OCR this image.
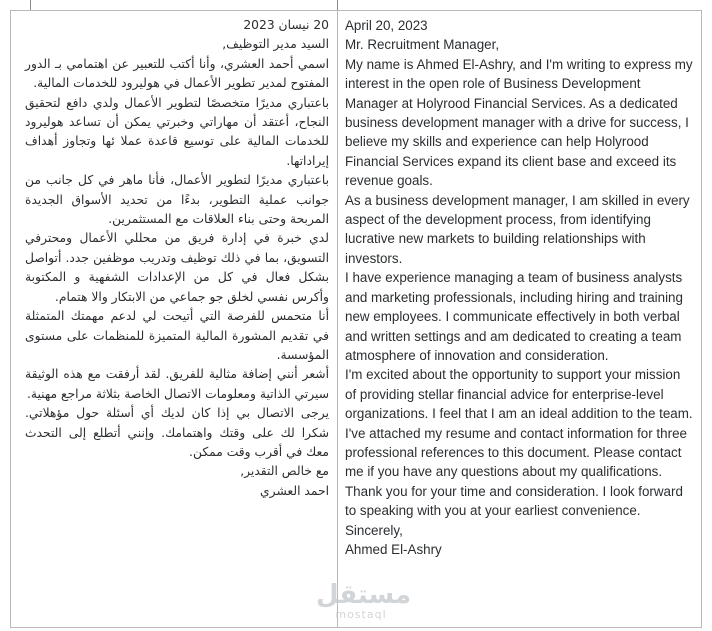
20 نيسان 2023

السيد مدير التوظيف,

اسمي أحمد العشري، وأنا أكتب للتعبير عن اهتمامي بـ الدور المفتوح لمدير تطوير الأعمال في هوليرود للخدمات المالية.

باعتباري مديرًا متخصصًا لتطوير الأعمال ولدي دافع لتحقيق النجاح، أعتقد أن مهاراتي وخبرتي يمكن أن تساعد هوليرود للخدمات المالية على توسيع قاعدة عملا ئها وتجاوز أهداف إيراداتها.

باعتباري مديرًا لتطوير الأعمال، فأنا ماهر في كل جانب من جوانب عملية التطوير، بدءًا من تحديد الأسواق الجديدة المربحة وحتى بناء العلاقات مع المستثمرين.

لدي خبرة في إدارة فريق من محللي الأعمال ومحترفي التسويق، بما في ذلك توظيف وتدريب موظفين جدد. أتواصل بشكل فعال في كل من الإعدادات الشفهية و المكتوبة وأكرس نفسي لخلق جو جماعي من الابتكار والا هتمام.

أنا متحمس للفرصة التي أتيحت لي لدعم مهمتك المتمثلة في تقديم المشورة المالية المتميزة للمنظمات على مستوى المؤسسة.

أشعر أنني إضافة مثالية للفريق. لقد أرفقت مع هذه الوثيقة سيرتي الذاتية ومعلومات الاتصال الخاصة بثلاثة مراجع مهنية.

يرجى الاتصال بي إذا كان لديك أي أسئلة حول مؤهلاتي. شكرا لك على وقتك واهتمامك. وإنني أتطلع إلى التحدث معك في أقرب وقت ممكن.

مع خالص التقدير,

احمد العشري

April 20, 2023

Mr. Recruitment Manager,

My name is Ahmed El-Ashry, and I'm writing to express my interest in the open role of Business Development Manager at Holyrood Financial Services. As a dedicated business development manager with a drive for success, I believe my skills and experience can help Holyrood Financial Services expand its client base and exceed its revenue goals.

As a business development manager, I am skilled in every aspect of the development process, from identifying lucrative new markets to building relationships with investors.

I have experience managing a team of business analysts and marketing professionals, including hiring and training new employees. I communicate effectively in both verbal and written settings and am dedicated to creating a team atmosphere of innovation and consideration.

I'm excited about the opportunity to support your mission of providing stellar financial advice for enterprise-level organizations. I feel that I am an ideal addition to the team. I've attached my resume and contact information for three professional references to this document. Please contact me if you have any questions about my qualifications.

Thank you for your time and consideration. I look forward to speaking with you at your earliest convenience.

Sincerely,

Ahmed El-Ashry

مستقل
mostaql
